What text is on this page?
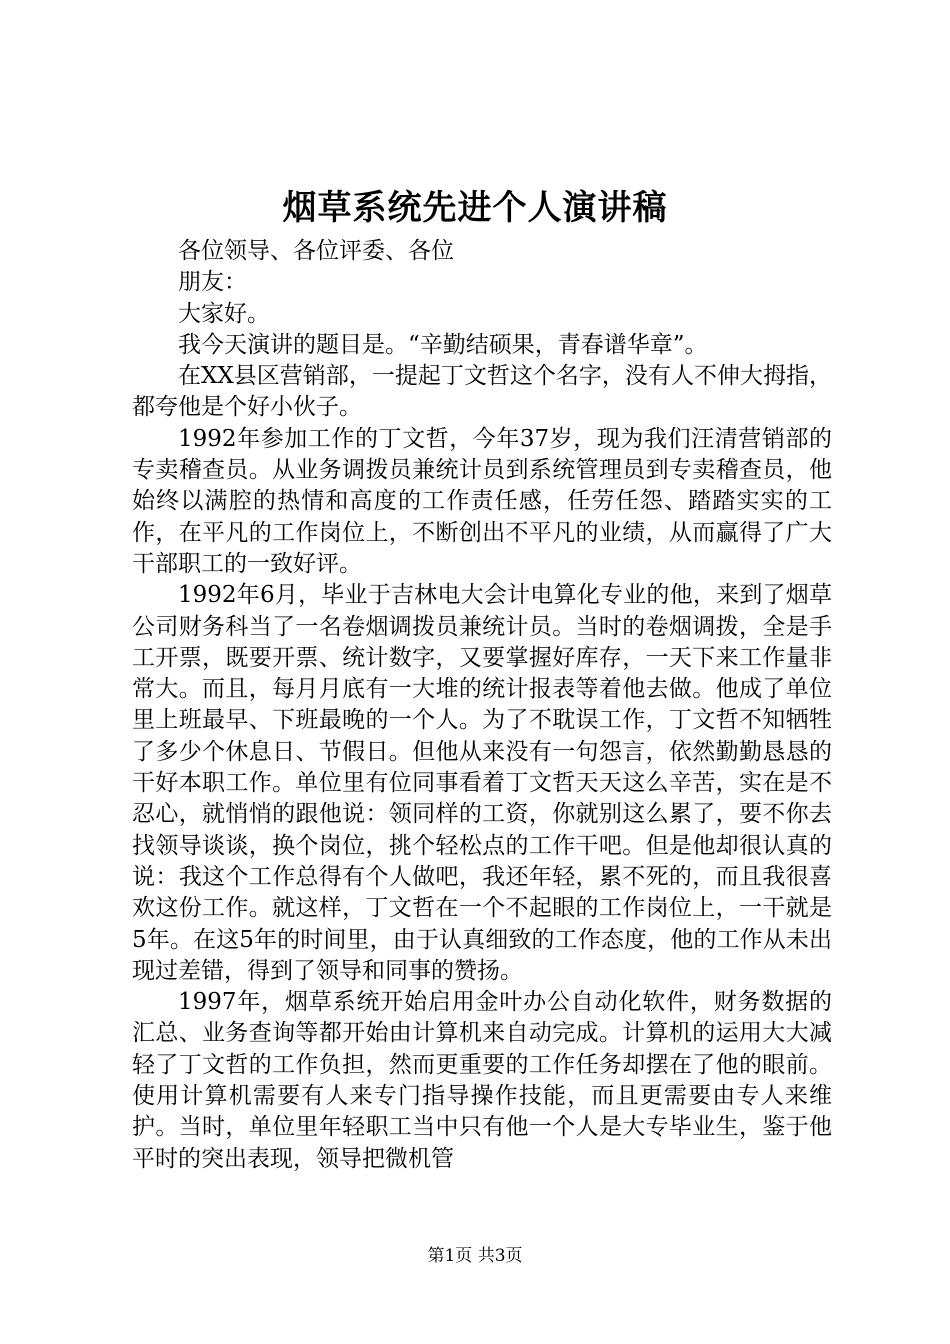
烟草系统先进个人演讲稿

各位领导、各位评委、各位

朋友：

大家好。

我今天演讲的题目是。“辛勤结硕果，青春谱华章”。

在XX县区营销部，一提起丁文哲这个名字，没有人不伸大拇指，都夸他是个好小伙子。

1992年参加工作的丁文哲，今年37岁，现为我们汪清营销部的专卖稽查员。从业务调拨员兼统计员到系统管理员到专卖稽查员，他始终以满腔的热情和高度的工作责任感，任劳任怨、踏踏实实的工作，在平凡的工作岗位上，不断创出不平凡的业绩，从而赢得了广大干部职工的一致好评。

1992年6月，毕业于吉林电大会计电算化专业的他，来到了烟草公司财务科当了一名卷烟调拨员兼统计员。当时的卷烟调拨，全是手工开票，既要开票、统计数字，又要掌握好库存，一天下来工作量非常大。而且，每月月底有一大堆的统计报表等着他去做。他成了单位里上班最早、下班最晚的一个人。为了不耽误工作，丁文哲不知牺牲了多少个休息日、节假日。但他从来没有一句怨言，依然勤勤恳恳的干好本职工作。单位里有位同事看着丁文哲天天这么辛苦，实在是不忍心，就悄悄的跟他说：领同样的工资，你就别这么累了，要不你去找领导谈谈，换个岗位，挑个轻松点的工作干吧。但是他却很认真的说：我这个工作总得有个人做吧，我还年轻，累不死的，而且我很喜欢这份工作。就这样，丁文哲在一个不起眼的工作岗位上，一干就是5年。在这5年的时间里，由于认真细致的工作态度，他的工作从未出现过差错，得到了领导和同事的赞扬。

1997年，烟草系统开始启用金叶办公自动化软件，财务数据的汇总、业务查询等都开始由计算机来自动完成。计算机的运用大大减轻了丁文哲的工作负担，然而更重要的工作任务却摆在了他的眼前。使用计算机需要有人来专门指导操作技能，而且更需要由专人来维护。当时，单位里年轻职工当中只有他一个人是大专毕业生，鉴于他平时的突出表现，领导把微机管

第1页 共3页
